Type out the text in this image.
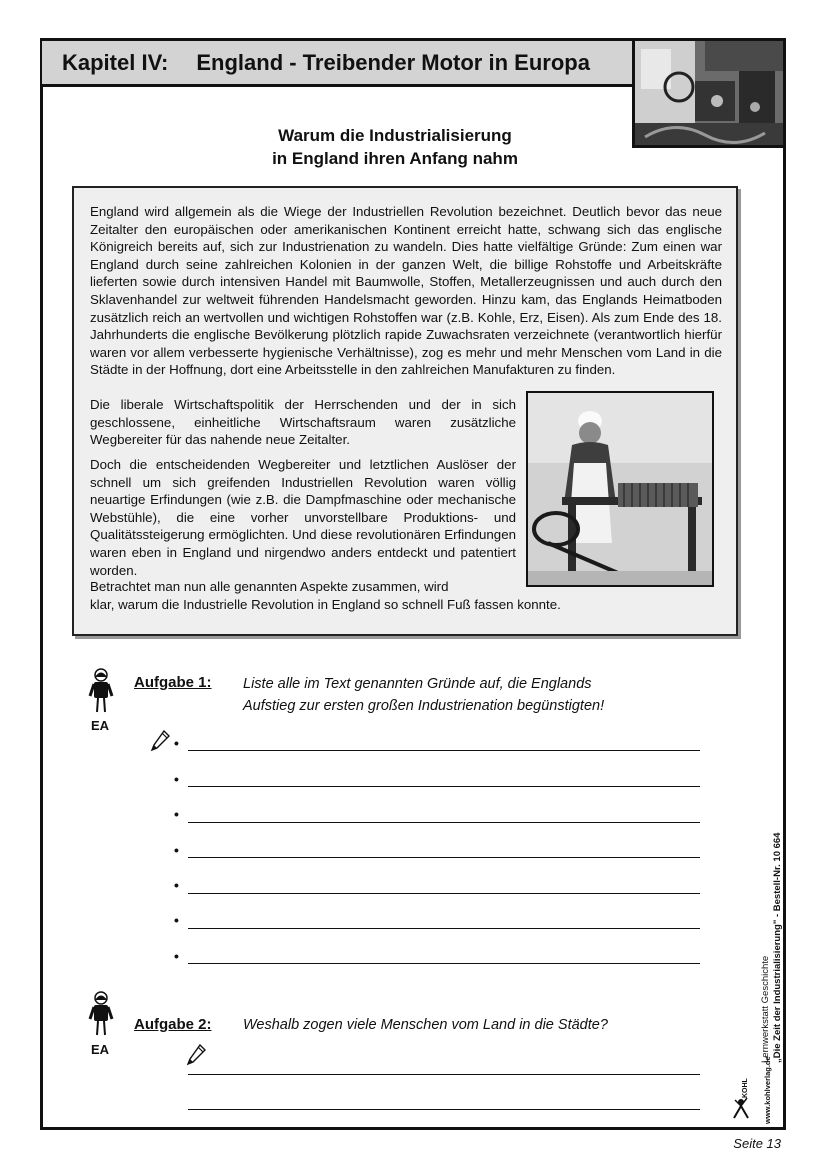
Kapitel IV: England - Treibender Motor in Europa
Warum die Industrialisierung
in England ihren Anfang nahm

England wird allgemein als die Wiege der Industriellen Revolution bezeichnet. Deutlich bevor das neue Zeitalter den europäischen oder amerikanischen Kontinent erreicht hatte, schwang sich das englische Königreich bereits auf, sich zur Industrienation zu wandeln. Dies hatte vielfältige Gründe: Zum einen war England durch seine zahlreichen Kolonien in der ganzen Welt, die billige Rohstoffe und Arbeitskräfte lieferten sowie durch intensiven Handel mit Baumwolle, Stoffen, Metallerzeugnissen und auch durch den Sklavenhandel zur weltweit führenden Handelsmacht geworden. Hinzu kam, das Englands Heimatboden zusätzlich reich an wertvollen und wichtigen Rohstoffen war (z.B. Kohle, Erz, Eisen). Als zum Ende des 18. Jahrhunderts die englische Bevölkerung plötzlich rapide Zuwachsraten verzeichnete (verantwortlich hierfür waren vor allem verbesserte hygienische Verhältnisse), zog es mehr und mehr Menschen vom Land in die Städte in der Hoffnung, dort eine Arbeitsstelle in den zahlreichen Manufakturen zu finden.

Die liberale Wirtschaftspolitik der Herrschenden und der in sich geschlossene, einheitliche Wirtschaftsraum waren zusätzliche Wegbereiter für das nahende neue Zeitalter.

Doch die entscheidenden Wegbereiter und letztlichen Auslöser der schnell um sich greifenden Industriellen Revolution waren völlig neuartige Erfindungen (wie z.B. die Dampfmaschine oder mechanische Webstühle), die eine vorher unvorstellbare Produktions- und Qualitätssteigerung ermöglichten. Und diese revolutionären Erfindungen waren eben in England und nirgendwo anders entdeckt und patentiert worden.

Betrachtet man nun alle genannten Aspekte zusammen, wird
klar, warum die Industrielle Revolution in England so schnell Fuß fassen konnte.
EA
Aufgabe 1: Liste alle im Text genannten Gründe auf, die Englands
Aufstieg zur ersten großen Industrienation begünstigten!
•
•
•
•
•
•
•
EA
Aufgabe 2: Weshalb zogen viele Menschen vom Land in die Städte?	Lernwerkstatt Geschichte „Die Zeit der Industrialisierung" - Bestell-Nr. 10 664
www.kohlverlag.de
KOHL
Seite 13
